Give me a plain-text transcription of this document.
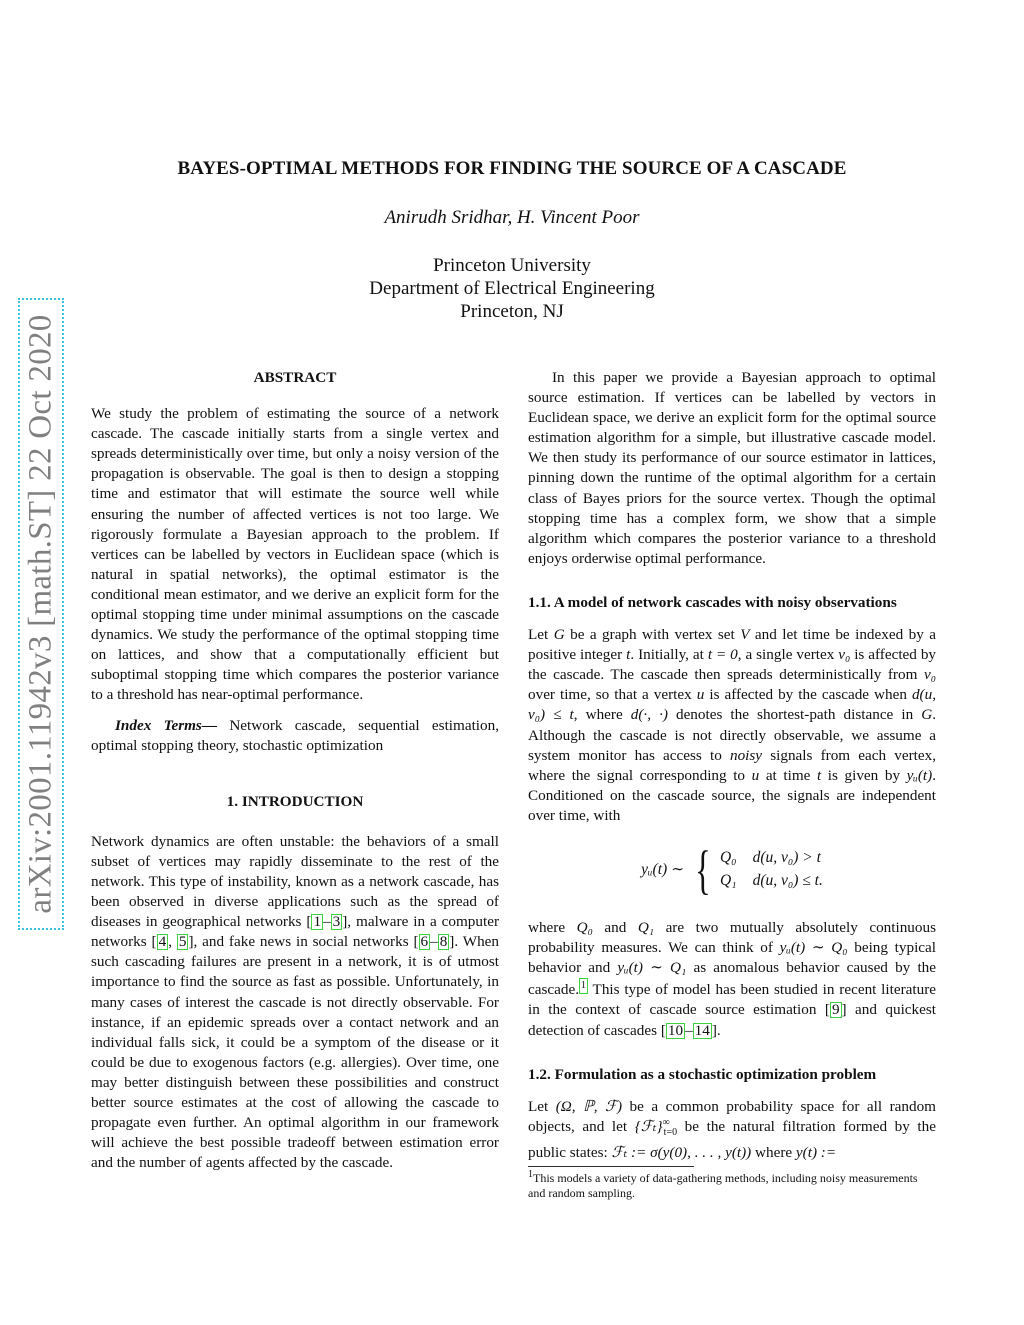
arXiv:2001.11942v3 [math.ST] 22 Oct 2020
BAYES-OPTIMAL METHODS FOR FINDING THE SOURCE OF A CASCADE
Anirudh Sridhar, H. Vincent Poor
Princeton University
Department of Electrical Engineering
Princeton, NJ

ABSTRACT

We study the problem of estimating the source of a network cascade. The cascade initially starts from a single vertex and spreads deterministically over time, but only a noisy version of the propagation is observable. The goal is then to design a stopping time and estimator that will estimate the source well while ensuring the number of affected vertices is not too large. We rigorously formulate a Bayesian approach to the problem. If vertices can be labelled by vectors in Euclidean space (which is natural in spatial networks), the optimal estimator is the conditional mean estimator, and we derive an explicit form for the optimal stopping time under minimal assumptions on the cascade dynamics. We study the performance of the optimal stopping time on lattices, and show that a computationally efficient but suboptimal stopping time which compares the posterior variance to a threshold has near-optimal performance.

Index Terms— Network cascade, sequential estimation, optimal stopping theory, stochastic optimization

1. INTRODUCTION

Network dynamics are often unstable: the behaviors of a small subset of vertices may rapidly disseminate to the rest of the network. This type of instability, known as a network cascade, has been observed in diverse applications such as the spread of diseases in geographical networks [ 1 – 3 ], malware in a computer networks [ 4 , 5 ], and fake news in social networks [ 6 – 8 ]. When such cascading failures are present in a network, it is of utmost importance to find the source as fast as possible. Unfortunately, in many cases of interest the cascade is not directly observable. For instance, if an epidemic spreads over a contact network and an individual falls sick, it could be a symptom of the disease or it could be due to exogenous factors (e.g. allergies). Over time, one may better distinguish between these possibilities and construct better source estimates at the cost of allowing the cascade to propagate even further. An optimal algorithm in our framework will achieve the best possible tradeoff between estimation error and the number of agents affected by the cascade.

In this paper we provide a Bayesian approach to optimal source estimation. If vertices can be labelled by vectors in Euclidean space, we derive an explicit form for the optimal source estimation algorithm for a simple, but illustrative cascade model. We then study its performance of our source estimator in lattices, pinning down the runtime of the optimal algorithm for a certain class of Bayes priors for the source vertex. Though the optimal stopping time has a complex form, we show that a simple algorithm which compares the posterior variance to a threshold enjoys orderwise optimal performance.

1.1. A model of network cascades with noisy observations

Let G be a graph with vertex set V and let time be indexed by a positive integer t. Initially, at t = 0, a single vertex v₀ is affected by the cascade. The cascade then spreads deterministically from v₀ over time, so that a vertex u is affected by the cascade when d(u, v₀) ≤ t, where d(·, ·) denotes the shortest-path distance in G. Although the cascade is not directly observable, we assume a system monitor has access to noisy signals from each vertex, where the signal corresponding to u at time t is given by yᵤ(t). Conditioned on the cascade source, the signals are independent over time, with

yᵤ(t) ∼ { Q₀ d(u, v₀) > t
Q₁ d(u, v₀) ≤ t.

where Q₀ and Q₁ are two mutually absolutely continuous probability measures. We can think of yᵤ(t) ∼ Q₀ being typical behavior and yᵤ(t) ∼ Q₁ as anomalous behavior caused by the cascade. $^1$ This type of model has been studied in recent literature in the context of cascade source estimation [ 9 ] and quickest detection of cascades [ 10 – 14 ].

1.2. Formulation as a stochastic optimization problem

Let (Ω, ℙ, ℱ) be a common probability space for all random objects, and let $\{ℱ_t\}^\infty_{t=0}$ be the natural filtration formed by the public states: ℱₜ := σ(y(0), . . . , y(t)) where y(t) :=

$^1$This models a variety of data-gathering methods, including noisy measurements and random sampling.
